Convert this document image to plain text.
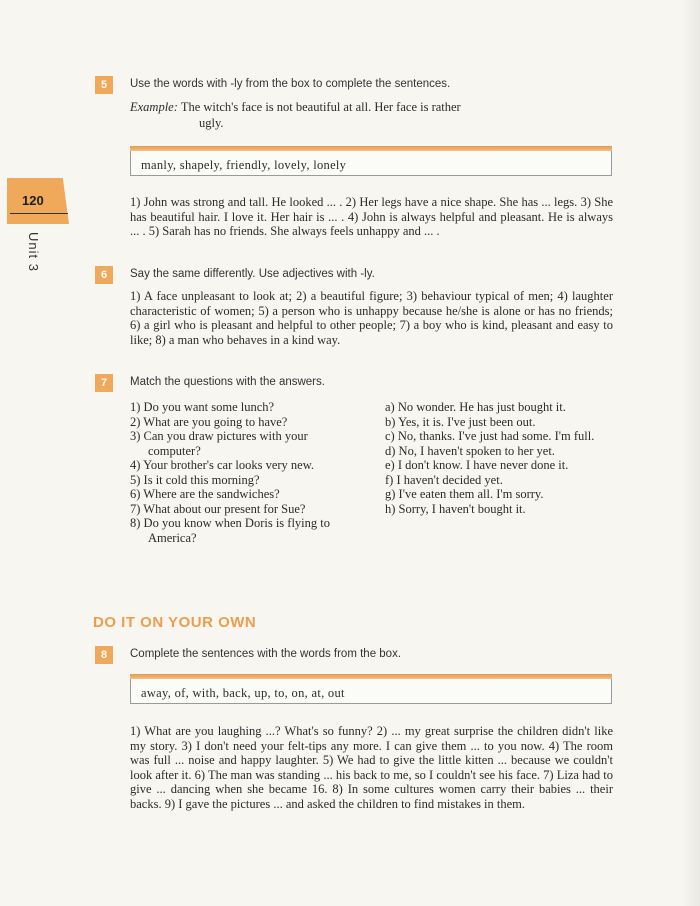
120
Unit 3
5	Use the words with -ly from the box to complete the sentences.
Example: The witch's face is not beautiful at all. Her face is rather
ugly.
manly, shapely, friendly, lovely, lonely
1) John was strong and tall. He looked ... . 2) Her legs have a nice shape. She has ... legs. 3) She has beautiful hair. I love it. Her hair is ... . 4) John is always helpful and pleasant. He is always ... . 5) Sarah has no friends. She always feels unhappy and ... .
6	Say the same differently. Use adjectives with -ly.
1) A face unpleasant to look at; 2) a beautiful figure; 3) behaviour typical of men; 4) laughter characteristic of women; 5) a person who is unhappy because he/she is alone or has no friends; 6) a girl who is pleasant and helpful to other people; 7) a boy who is kind, pleasant and easy to like; 8) a man who behaves in a kind way.
7	Match the questions with the answers.
1) Do you want some lunch?
2) What are you going to have?
3) Can you draw pictures with your computer?
4) Your brother's car looks very new.
5) Is it cold this morning?
6) Where are the sandwiches?
7) What about our present for Sue?
8) Do you know when Doris is flying to America?
a) No wonder. He has just bought it.
b) Yes, it is. I've just been out.
c) No, thanks. I've just had some. I'm full.
d) No, I haven't spoken to her yet.
e) I don't know. I have never done it.
f) I haven't decided yet.
g) I've eaten them all. I'm sorry.
h) Sorry, I haven't bought it.
DO IT ON YOUR OWN
8	Complete the sentences with the words from the box.
away, of, with, back, up, to, on, at, out
1) What are you laughing ...? What's so funny? 2) ... my great surprise the children didn't like my story. 3) I don't need your felt-tips any more. I can give them ... to you now. 4) The room was full ... noise and happy laughter. 5) We had to give the little kitten ... because we couldn't look after it. 6) The man was standing ... his back to me, so I couldn't see his face. 7) Liza had to give ... dancing when she became 16. 8) In some cultures women carry their babies ... their backs. 9) I gave the pictures ... and asked the children to find mistakes in them.
